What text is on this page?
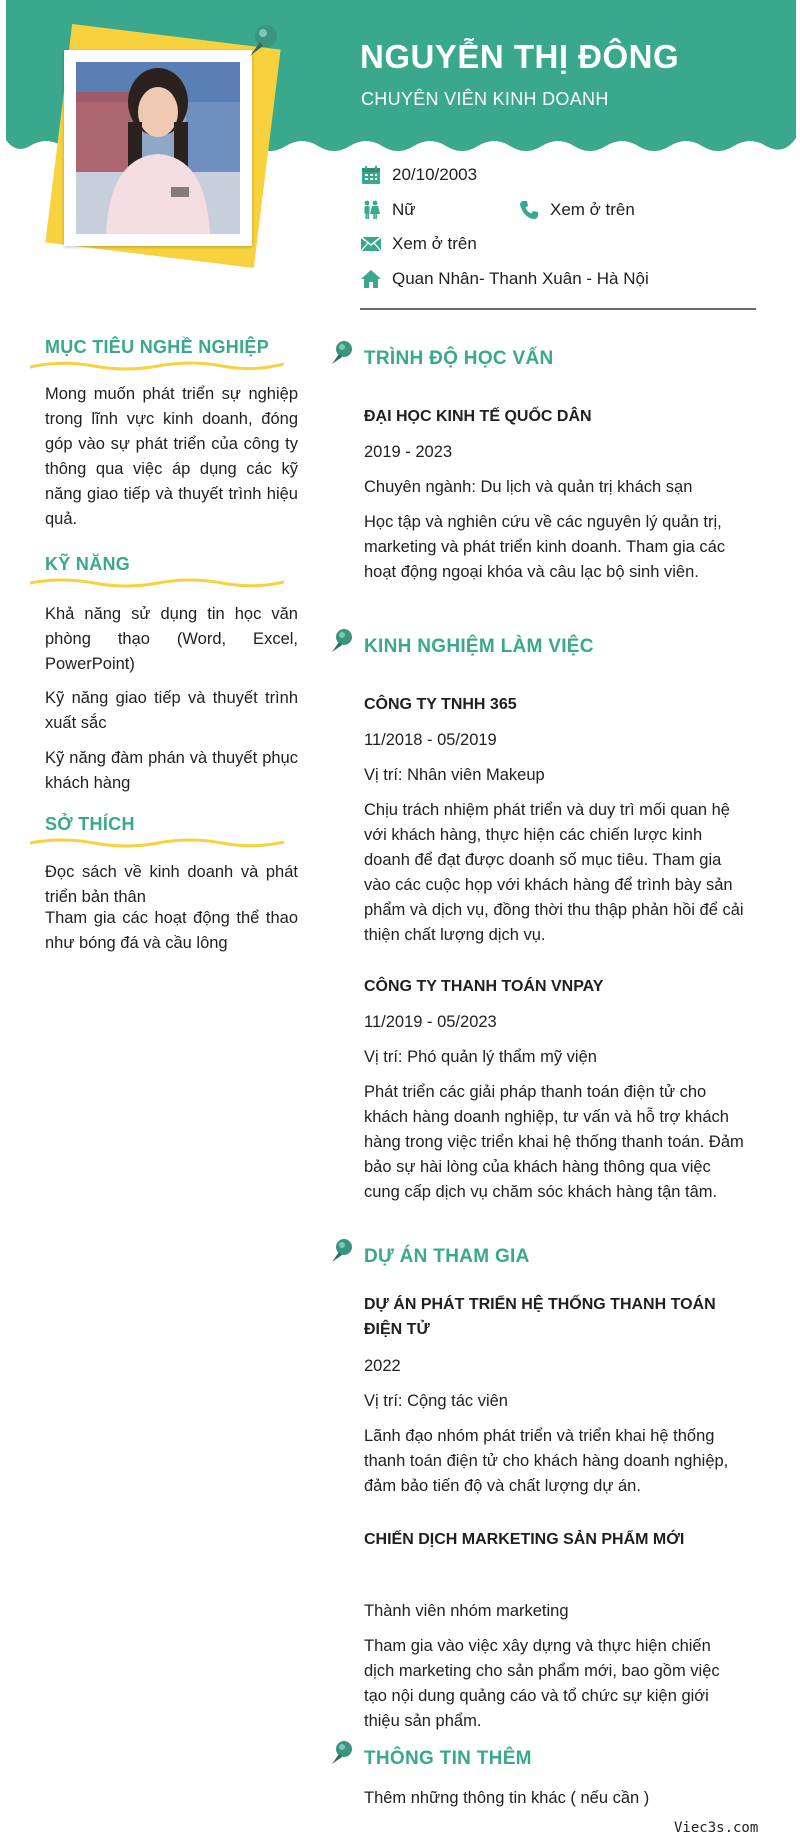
NGUYỄN THỊ ĐÔNG
CHUYÊN VIÊN KINH DOANH
20/10/2003
Nữ	Xem ở trên
Xem ở trên
Quan Nhân- Thanh Xuân - Hà Nội
MỤC TIÊU NGHỀ NGHIỆP
Mong muốn phát triển sự nghiệp trong lĩnh vực kinh doanh, đóng góp vào sự phát triển của công ty thông qua việc áp dụng các kỹ năng giao tiếp và thuyết trình hiệu quả.
KỸ NĂNG
Khả năng sử dụng tin học văn phòng thạo (Word, Excel, PowerPoint)
Kỹ năng giao tiếp và thuyết trình xuất sắc
Kỹ năng đàm phán và thuyết phục khách hàng
SỞ THÍCH
Đọc sách về kinh doanh và phát triển bản thân
Tham gia các hoạt động thể thao như bóng đá và cầu lông
TRÌNH ĐỘ HỌC VẤN
ĐẠI HỌC KINH TẾ QUỐC DÂN
2019 - 2023
Chuyên ngành: Du lịch và quản trị khách sạn
Học tập và nghiên cứu về các nguyên lý quản trị, marketing và phát triển kinh doanh. Tham gia các hoạt động ngoại khóa và câu lạc bộ sinh viên.
KINH NGHIỆM LÀM VIỆC
CÔNG TY TNHH 365
11/2018 - 05/2019
Vị trí: Nhân viên Makeup
Chịu trách nhiệm phát triển và duy trì mối quan hệ với khách hàng, thực hiện các chiến lược kinh doanh để đạt được doanh số mục tiêu. Tham gia vào các cuộc họp với khách hàng để trình bày sản phẩm và dịch vụ, đồng thời thu thập phản hồi để cải thiện chất lượng dịch vụ.
CÔNG TY THANH TOÁN VNPAY
11/2019 - 05/2023
Vị trí: Phó quản lý thẩm mỹ viện
Phát triển các giải pháp thanh toán điện tử cho khách hàng doanh nghiệp, tư vấn và hỗ trợ khách hàng trong việc triển khai hệ thống thanh toán. Đảm bảo sự hài lòng của khách hàng thông qua việc cung cấp dịch vụ chăm sóc khách hàng tận tâm.
DỰ ÁN THAM GIA
DỰ ÁN PHÁT TRIỂN HỆ THỐNG THANH TOÁN ĐIỆN TỬ
2022
Vị trí: Cộng tác viên
Lãnh đạo nhóm phát triển và triển khai hệ thống thanh toán điện tử cho khách hàng doanh nghiệp, đảm bảo tiến độ và chất lượng dự án.
CHIẾN DỊCH MARKETING SẢN PHẨM MỚI
Thành viên nhóm marketing
Tham gia vào việc xây dựng và thực hiện chiến dịch marketing cho sản phẩm mới, bao gồm việc tạo nội dung quảng cáo và tổ chức sự kiện giới thiệu sản phẩm.
THÔNG TIN THÊM
Thêm những thông tin khác ( nếu cần )
Viec3s.com
